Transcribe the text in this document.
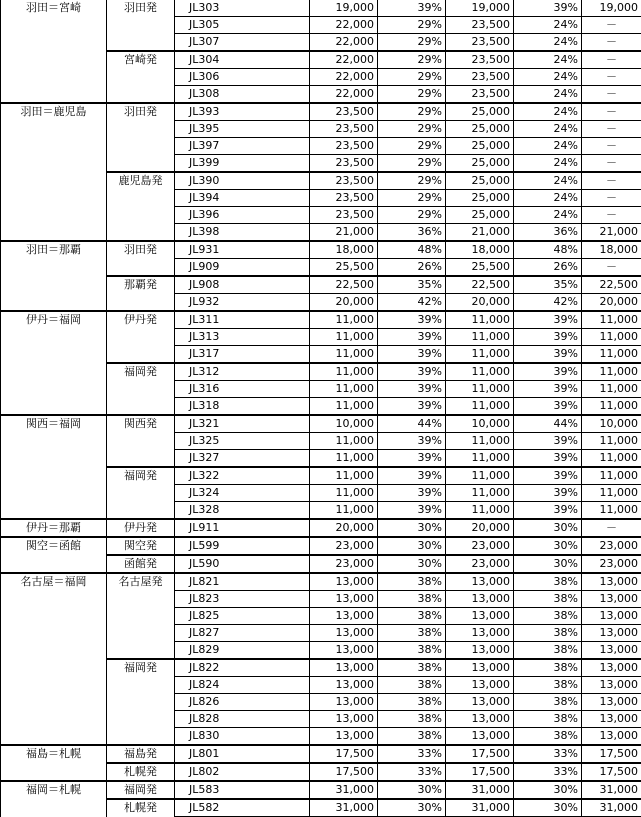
羽田＝宮崎	羽田発	JL303	19,000	39%	19,000	39%	19,000	
		JL305	22,000	29%	23,500	24%	－	
		JL307	22,000	29%	23,500	24%	－	
	宮崎発	JL304	22,000	29%	23,500	24%	－	
		JL306	22,000	29%	23,500	24%	－	
		JL308	22,000	29%	23,500	24%	－	
羽田＝鹿児島	羽田発	JL393	23,500	29%	25,000	24%	－	
		JL395	23,500	29%	25,000	24%	－	
		JL397	23,500	29%	25,000	24%	－	
		JL399	23,500	29%	25,000	24%	－	
	鹿児島発	JL390	23,500	29%	25,000	24%	－	
		JL394	23,500	29%	25,000	24%	－	
		JL396	23,500	29%	25,000	24%	－	
		JL398	21,000	36%	21,000	36%	21,000	
羽田＝那覇	羽田発	JL931	18,000	48%	18,000	48%	18,000	
		JL909	25,500	26%	25,500	26%	－	
	那覇発	JL908	22,500	35%	22,500	35%	22,500	
		JL932	20,000	42%	20,000	42%	20,000	
伊丹＝福岡	伊丹発	JL311	11,000	39%	11,000	39%	11,000	
		JL313	11,000	39%	11,000	39%	11,000	
		JL317	11,000	39%	11,000	39%	11,000	
	福岡発	JL312	11,000	39%	11,000	39%	11,000	
		JL316	11,000	39%	11,000	39%	11,000	
		JL318	11,000	39%	11,000	39%	11,000	
関西＝福岡	関西発	JL321	10,000	44%	10,000	44%	10,000	
		JL325	11,000	39%	11,000	39%	11,000	
		JL327	11,000	39%	11,000	39%	11,000	
	福岡発	JL322	11,000	39%	11,000	39%	11,000	
		JL324	11,000	39%	11,000	39%	11,000	
		JL328	11,000	39%	11,000	39%	11,000	
伊丹＝那覇	伊丹発	JL911	20,000	30%	20,000	30%	－	
関空＝函館	関空発	JL599	23,000	30%	23,000	30%	23,000	
	函館発	JL590	23,000	30%	23,000	30%	23,000	
名古屋＝福岡	名古屋発	JL821	13,000	38%	13,000	38%	13,000	
		JL823	13,000	38%	13,000	38%	13,000	
		JL825	13,000	38%	13,000	38%	13,000	
		JL827	13,000	38%	13,000	38%	13,000	
		JL829	13,000	38%	13,000	38%	13,000	
	福岡発	JL822	13,000	38%	13,000	38%	13,000	
		JL824	13,000	38%	13,000	38%	13,000	
		JL826	13,000	38%	13,000	38%	13,000	
		JL828	13,000	38%	13,000	38%	13,000	
		JL830	13,000	38%	13,000	38%	13,000	
福島＝札幌	福島発	JL801	17,500	33%	17,500	33%	17,500	
	札幌発	JL802	17,500	33%	17,500	33%	17,500	
福岡＝札幌	福岡発	JL583	31,000	30%	31,000	30%	31,000	
	札幌発	JL582	31,000	30%	31,000	30%	31,000	
